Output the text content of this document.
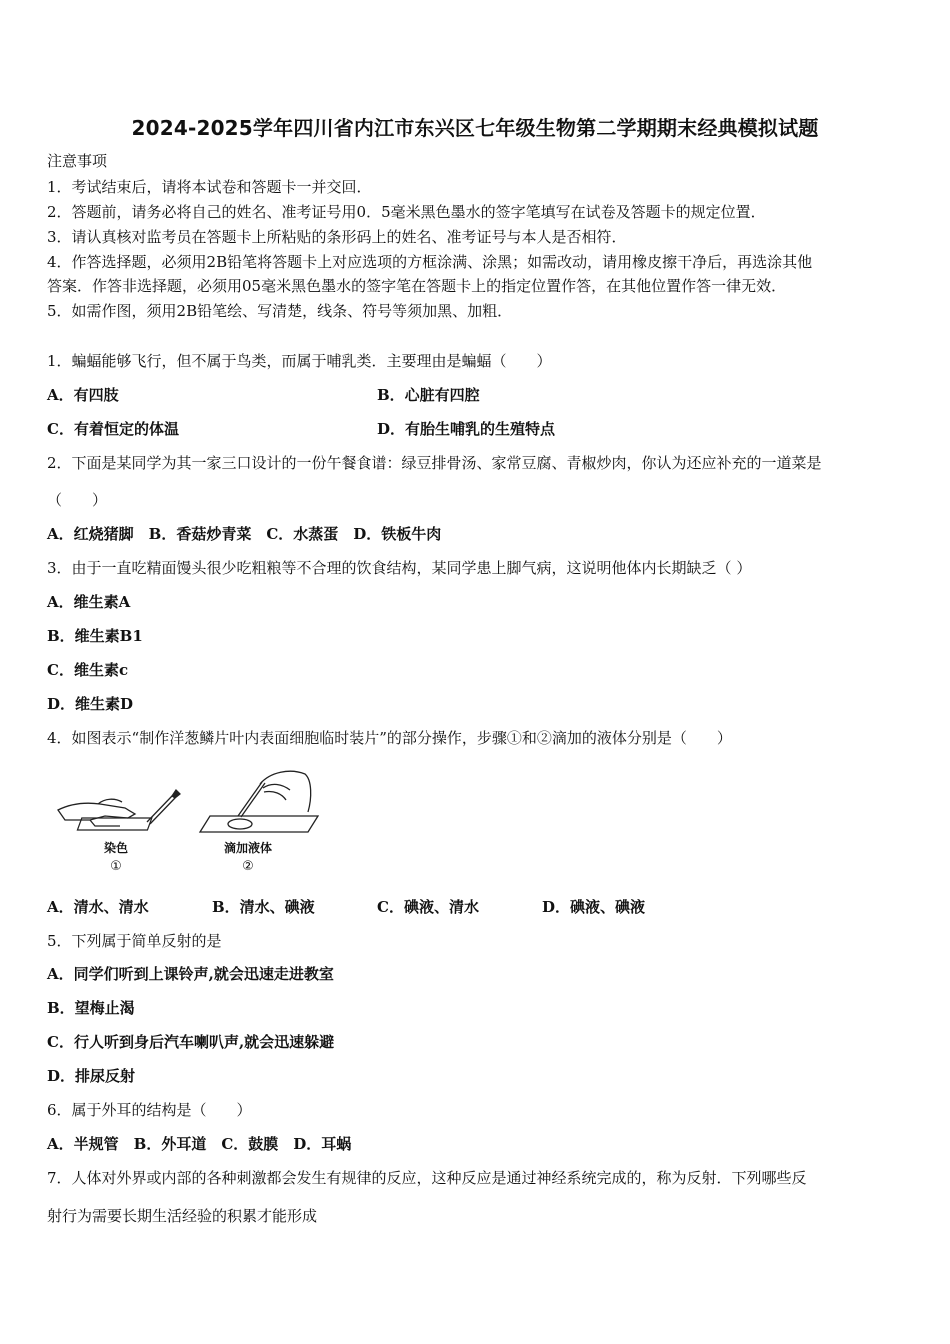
2024-2025学年四川省内江市东兴区七年级生物第二学期期末经典模拟试题
注意事项
1．考试结束后，请将本试卷和答题卡一并交回．
2．答题前，请务必将自己的姓名、准考证号用0．5毫米黑色墨水的签字笔填写在试卷及答题卡的规定位置．
3．请认真核对监考员在答题卡上所粘贴的条形码上的姓名、准考证号与本人是否相符．
4．作答选择题，必须用2B铅笔将答题卡上对应选项的方框涂满、涂黑；如需改动，请用橡皮擦干净后，再选涂其他
答案．作答非选择题，必须用05毫米黑色墨水的签字笔在答题卡上的指定位置作答，在其他位置作答一律无效．
5．如需作图，须用2B铅笔绘、写清楚，线条、符号等须加黑、加粗．
1．蝙蝠能够飞行，但不属于鸟类，而属于哺乳类．主要理由是蝙蝠（　　）
A．有四肢	B．心脏有四腔
C．有着恒定的体温	D．有胎生哺乳的生殖特点
2．下面是某同学为其一家三口设计的一份午餐食谱：绿豆排骨汤、家常豆腐、青椒炒肉，你认为还应补充的一道菜是
（　　）
A．红烧猪脚　B．香菇炒青菜　C．水蒸蛋　D．铁板牛肉
3．由于一直吃精面馒头很少吃粗粮等不合理的饮食结构，某同学患上脚气病，这说明他体内长期缺乏（ ）
A．维生素A
B．维生素B1
C．维生素c
D．维生素D
4．如图表示“制作洋葱鳞片叶内表面细胞临时装片”的部分操作，步骤①和②滴加的液体分别是（　　）
染色
①
滴加液体
②
A．清水、清水	B．清水、碘液	C．碘液、清水	D．碘液、碘液
5．下列属于简单反射的是
A．同学们听到上课铃声,就会迅速走进教室
B．望梅止渴
C．行人听到身后汽车喇叭声,就会迅速躲避
D．排尿反射
6．属于外耳的结构是（　　）
A．半规管　B．外耳道　C．鼓膜　D．耳蜗
7．人体对外界或内部的各种刺激都会发生有规律的反应，这种反应是通过神经系统完成的，称为反射．下列哪些反
射行为需要长期生活经验的积累才能形成
